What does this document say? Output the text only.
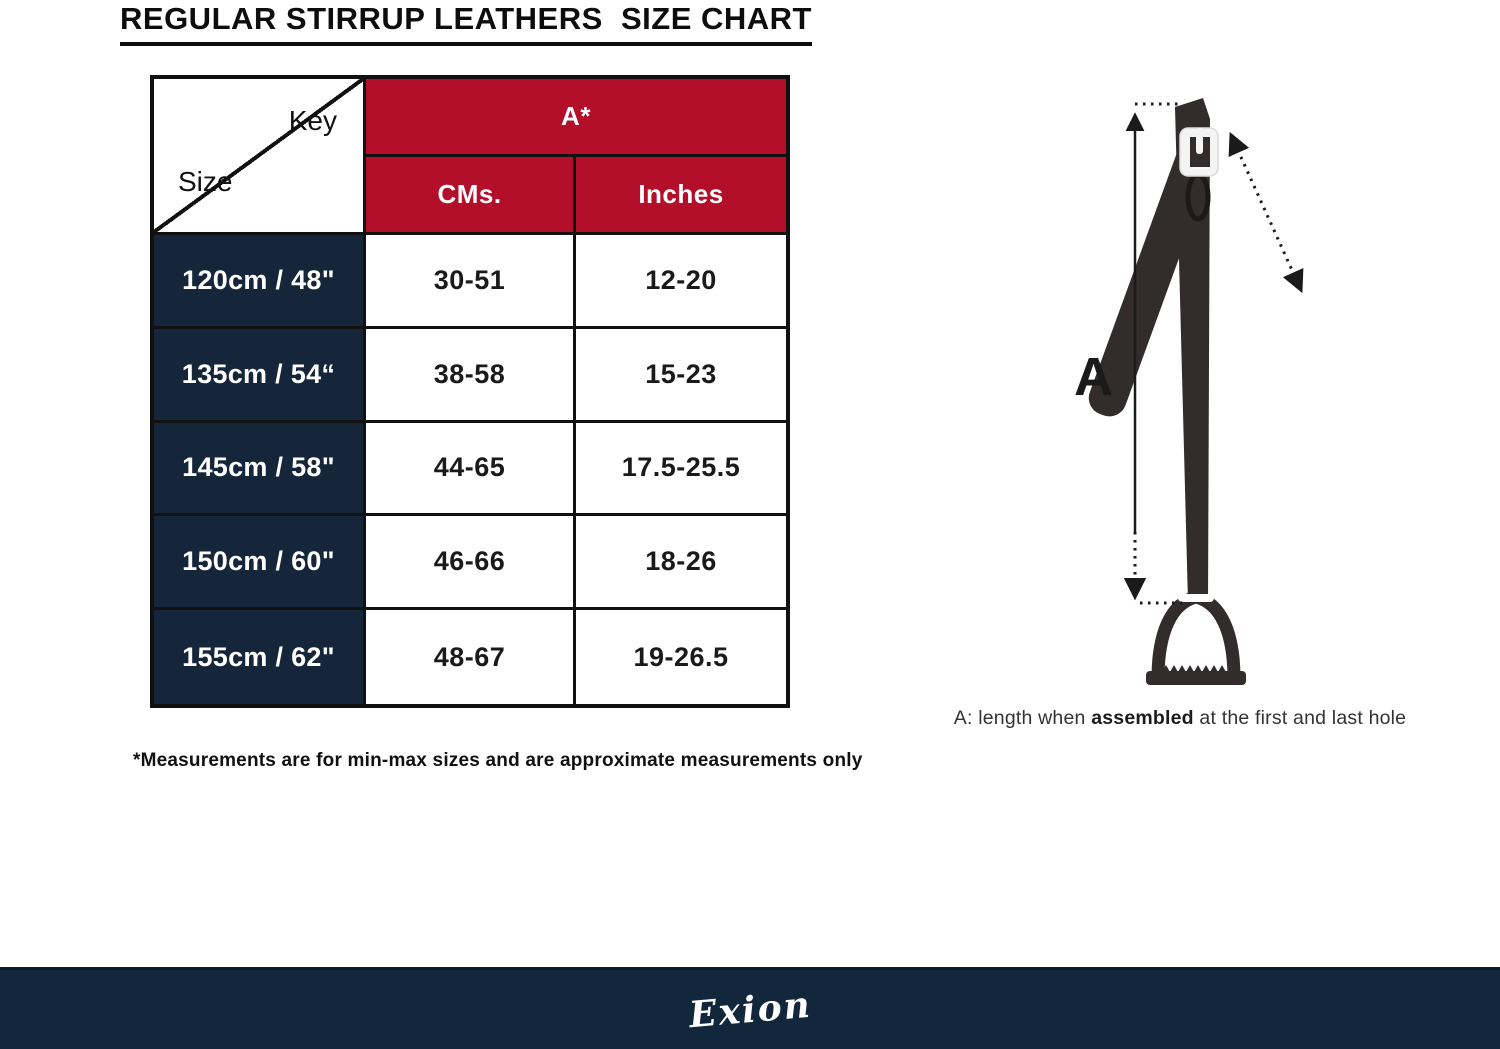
REGULAR STIRRUP LEATHERS  SIZE CHART
Key
Size
A*
CMs.	Inches
120cm / 48"	30-51	12-20
135cm / 54“	38-58	15-23
145cm / 58"	44-65	17.5-25.5
150cm / 60"	46-66	18-26
155cm / 62"	48-67	19-26.5
*Measurements are for min-max sizes and are approximate measurements only
A
A: length when assembled at the first and last hole
Exion
